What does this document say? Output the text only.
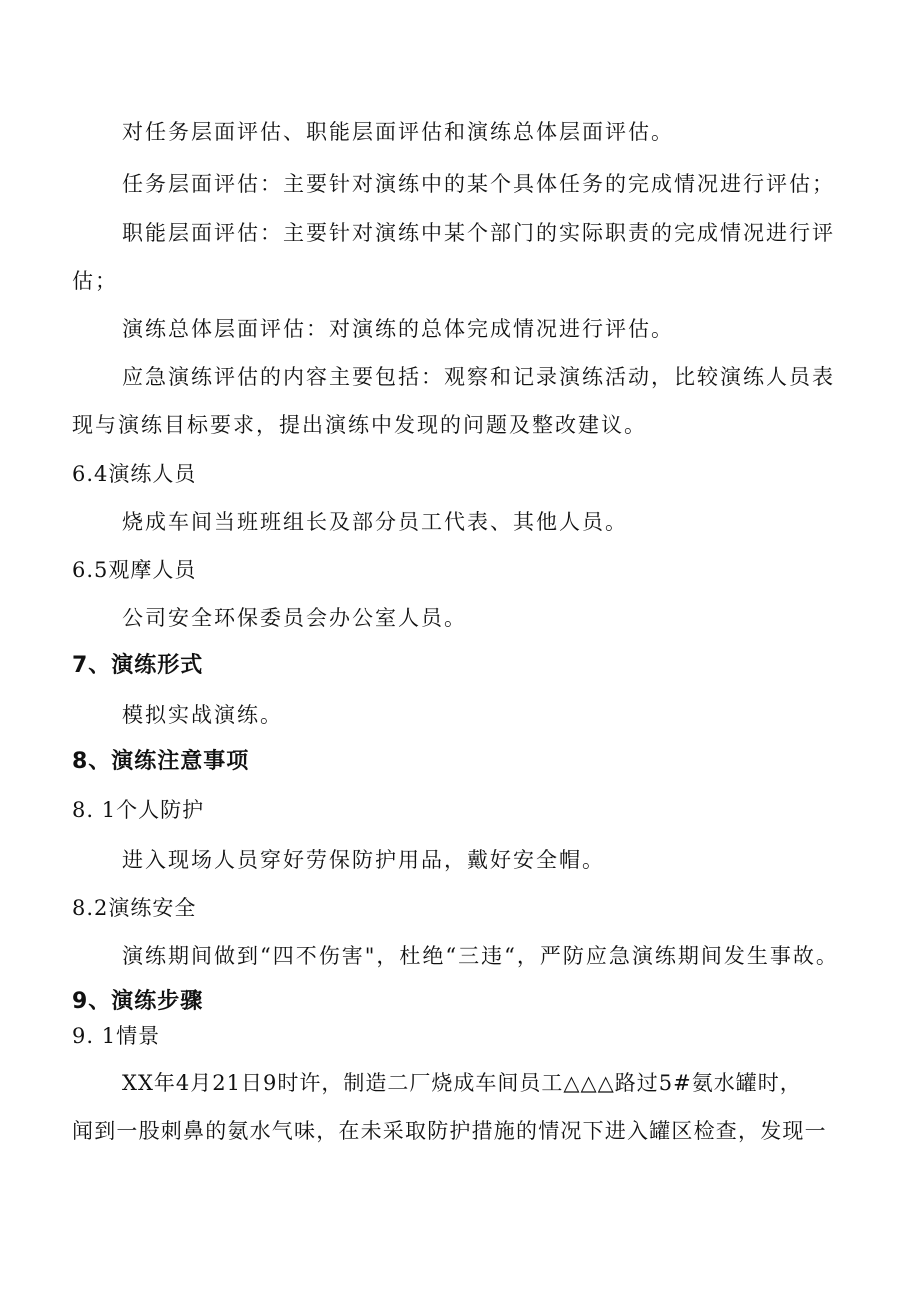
对任务层面评估、职能层面评估和演练总体层面评估。
任务层面评估：主要针对演练中的某个具体任务的完成情况进行评估；
职能层面评估：主要针对演练中某个部门的实际职责的完成情况进行评
估；
演练总体层面评估：对演练的总体完成情况进行评估。
应急演练评估的内容主要包括：观察和记录演练活动，比较演练人员表
现与演练目标要求，提出演练中发现的问题及整改建议。
6.4演练人员
烧成车间当班班组长及部分员工代表、其他人员。
6.5观摩人员
公司安全环保委员会办公室人员。
7、演练形式
模拟实战演练。
8、演练注意事项
8. 1个人防护
进入现场人员穿好劳保防护用品，戴好安全帽。
8.2演练安全
演练期间做到“四不伤害"，杜绝“三违“，严防应急演练期间发生事故。
9、演练步骤
9. 1情景
XX年4月21日9时许，制造二厂烧成车间员工△△△路过5#氨水罐时，
闻到一股刺鼻的氨水气味，在未采取防护措施的情况下进入罐区检查，发现一
